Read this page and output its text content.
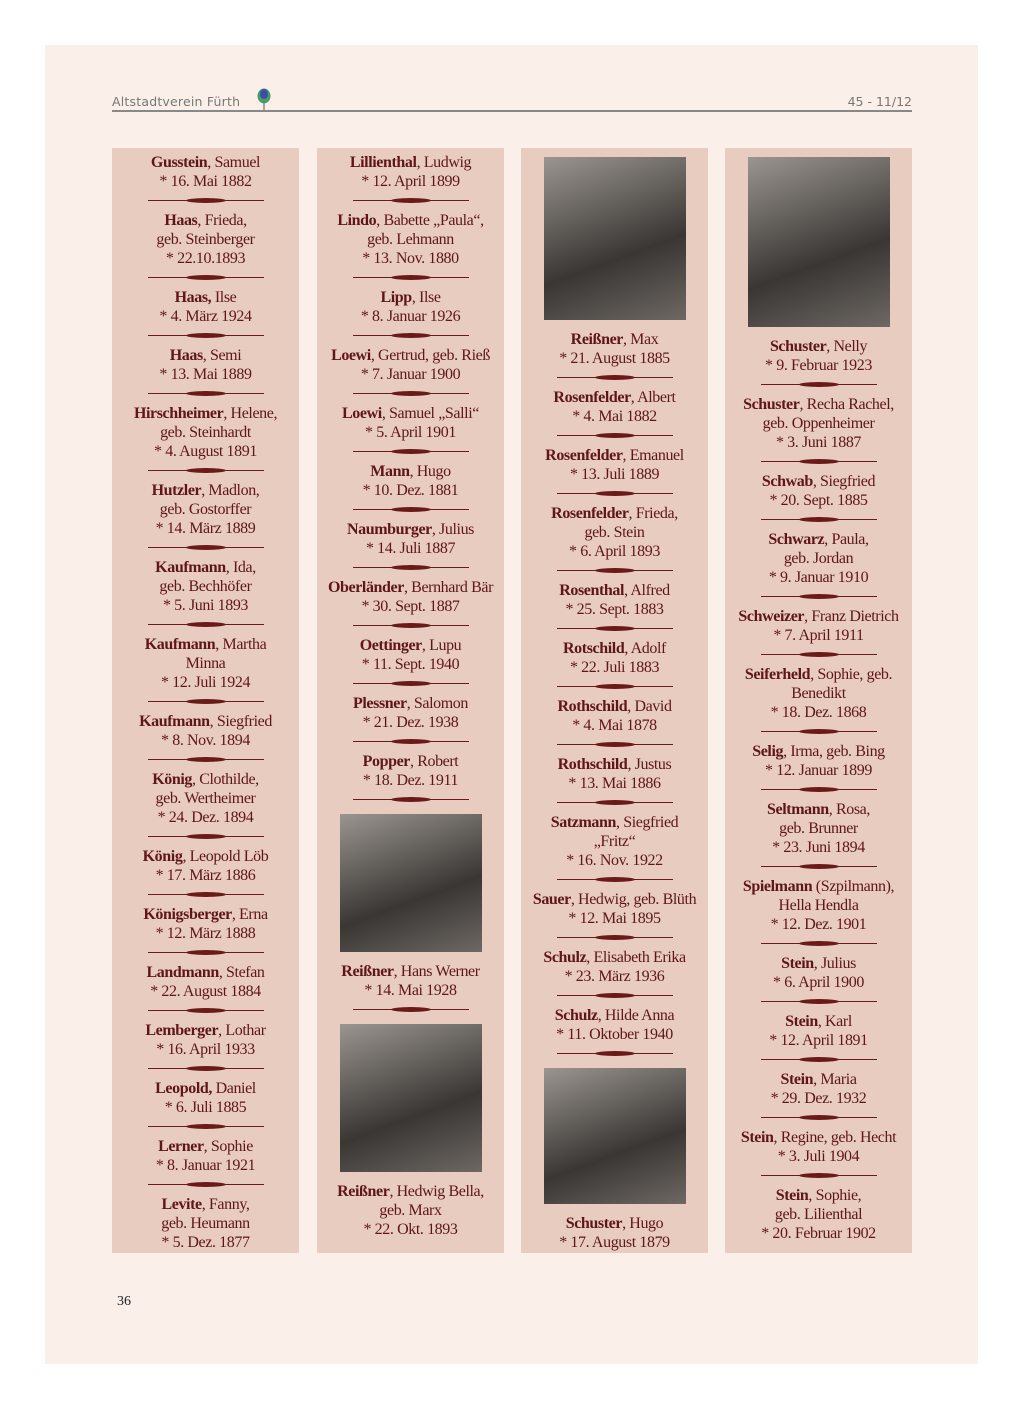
Altstadtverein Fürth	45 - 11/12
Gusstein, Samuel
* 16. Mai 1882
Haas, Frieda,
geb. Steinberger
* 22.10.1893
Haas, Ilse
* 4. März 1924
Haas, Semi
* 13. Mai 1889
Hirschheimer, Helene,
geb. Steinhardt
* 4. August 1891
Hutzler, Madlon,
geb. Gostorffer
* 14. März 1889
Kaufmann, Ida,
geb. Bechhöfer
* 5. Juni 1893
Kaufmann, Martha
Minna
* 12. Juli 1924
Kaufmann, Siegfried
* 8. Nov. 1894
König, Clothilde,
geb. Wertheimer
* 24. Dez. 1894
König, Leopold Löb
* 17. März 1886
Königsberger, Erna
* 12. März 1888
Landmann, Stefan
* 22. August 1884
Lemberger, Lothar
* 16. April 1933
Leopold, Daniel
* 6. Juli 1885
Lerner, Sophie
* 8. Januar 1921
Levite, Fanny,
geb. Heumann
* 5. Dez. 1877
Lillienthal, Ludwig
* 12. April 1899
Lindo, Babette „Paula“,
geb. Lehmann
* 13. Nov. 1880
Lipp, Ilse
* 8. Januar 1926
Loewi, Gertrud, geb. Rieß
* 7. Januar 1900
Loewi, Samuel „Salli“
* 5. April 1901
Mann, Hugo
* 10. Dez. 1881
Naumburger, Julius
* 14. Juli 1887
Oberländer, Bernhard Bär
* 30. Sept. 1887
Oettinger, Lupu
* 11. Sept. 1940
Plessner, Salomon
* 21. Dez. 1938
Popper, Robert
* 18. Dez. 1911
Reißner, Hans Werner
* 14. Mai 1928
Reißner, Hedwig Bella,
geb. Marx
* 22. Okt. 1893
Reißner, Max
* 21. August 1885
Rosenfelder, Albert
* 4. Mai 1882
Rosenfelder, Emanuel
* 13. Juli 1889
Rosenfelder, Frieda,
geb. Stein
* 6. April 1893
Rosenthal, Alfred
* 25. Sept. 1883
Rotschild, Adolf
* 22. Juli 1883
Rothschild, David
* 4. Mai 1878
Rothschild, Justus
* 13. Mai 1886
Satzmann, Siegfried
„Fritz“
* 16. Nov. 1922
Sauer, Hedwig, geb. Blüth
* 12. Mai 1895
Schulz, Elisabeth Erika
* 23. März 1936
Schulz, Hilde Anna
* 11. Oktober 1940
Schuster, Hugo
* 17. August 1879
Schuster, Nelly
* 9. Februar 1923
Schuster, Recha Rachel,
geb. Oppenheimer
* 3. Juni 1887
Schwab, Siegfried
* 20. Sept. 1885
Schwarz, Paula,
geb. Jordan
* 9. Januar 1910
Schweizer, Franz Dietrich
* 7. April 1911
Seiferheld, Sophie, geb.
Benedikt
* 18. Dez. 1868
Selig, Irma, geb. Bing
* 12. Januar 1899
Seltmann, Rosa,
geb. Brunner
* 23. Juni 1894
Spielmann (Szpilmann),
Hella Hendla
* 12. Dez. 1901
Stein, Julius
* 6. April 1900
Stein, Karl
* 12. April 1891
Stein, Maria
* 29. Dez. 1932
Stein, Regine, geb. Hecht
* 3. Juli 1904
Stein, Sophie,
geb. Lilienthal
* 20. Februar 1902
36
